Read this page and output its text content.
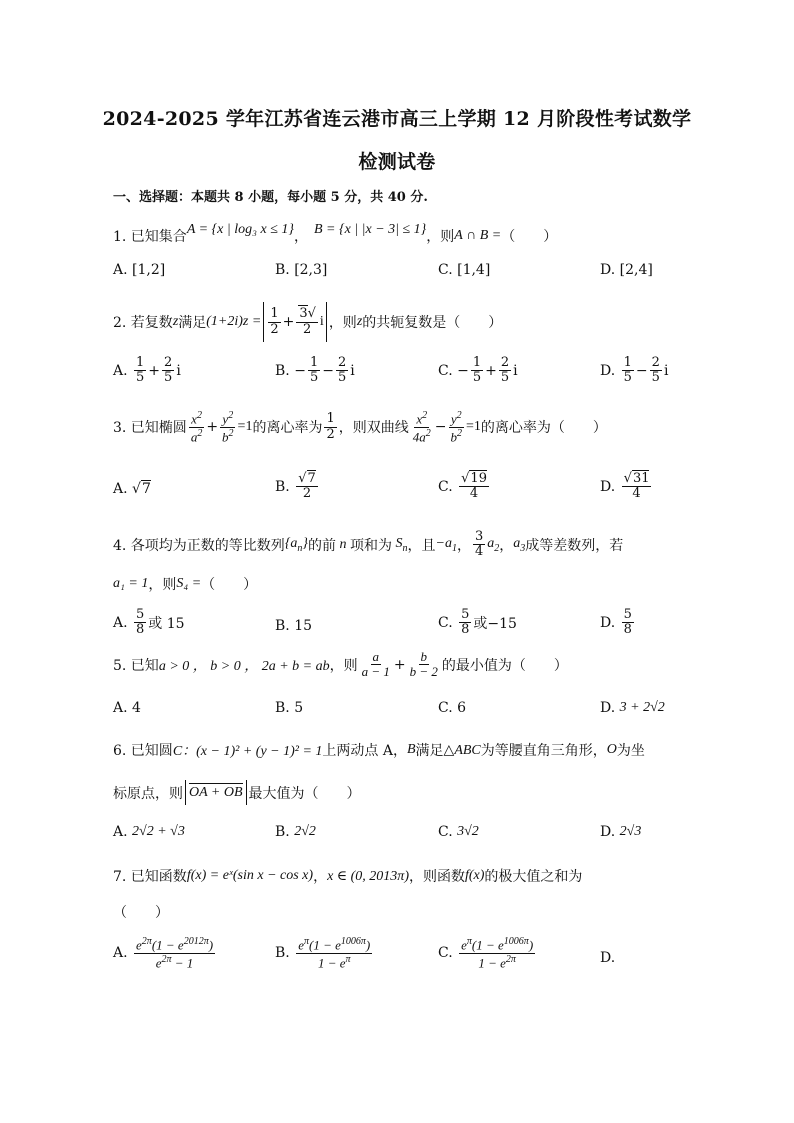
2024-2025 学年江苏省连云港市高三上学期 12 月阶段性考试数学
检测试卷
一、选择题：本题共 8 小题，每小题 5 分，共 40 分.
1. 已知集合 A = {x | log₃ x ≤ 1} ， B = {x | |x − 3| ≤ 1} ，则 A ∩ B = （　　）
A. [1,2]	B. [2,3]	C. [1,4]	D. [2,4]
2. 若复数 z 满足 $(1+2i)z = \frac{1}{2} + \frac{3√}{2}$ i ，则 z 的共轭复数是（　　）
A.
$\frac{1}{5} + \frac{2}{5}$ i	B.
− $\frac{1}{5} - \frac{2}{5}$ i	C.
− $\frac{1}{5} + \frac{2}{5}$ i	D.
$\frac{1}{5} - \frac{2}{5}$ i
3. 已知椭圆 $\frac{x^2}{a^2} + \frac{y^2}{b^2} =1$ 的离心率为 $\frac{1}{2}$ ，则双曲线 $\frac{x^2}{4a^2} - \frac{y^2}{b^2} =1$ 的离心率为（　　）
A. √ 7	B.
$\frac{√7}{2}$	C.
$\frac{√19}{4}$	D.
$\frac{√31}{4}$
4. 各项均为正数的等比数列 $\{a_n\}$ 的前 n 项和为 $S_n$ ，且 $-a_1$ ， $\frac{3}{4} a_2$ ， $a_3$ 成等差数列，若
a₁ = 1 ，则 S₄ = （　　）
A.
$\frac{5}{8}$ 或 15	B. 15	C.
$\frac{5}{8}$ 或−15	D.
$\frac{5}{8}$
5. 已知 a > 0 ， b > 0 ， 2a + b = ab ，则 $\frac{a}{a - 1} + \frac{b}{b - 2}$ 的最小值为（　　）
A. 4	B. 5	C. 6	D.
3 + 2√2
6. 已知圆 C：(x − 1)² + (y − 1)² = 1 上两动点 A， B 满足 △ABC 为等腰直角三角形， O 为坐
标原点，则 OA + OB 最大值为（　　）
A.
2√2 + √3	B.
2√2	C.
3√2	D.
2√3
7. 已知函数 f(x) = eˣ(sin x − cos x) ， x ∈ (0, 2013π) ，则函数 f(x) 的极大值之和为
（　　）
A.
$\frac{e^{2\pi}(1 - e^{2012\pi})}{e^{2\pi} - 1}$	B.
$\frac{e^\pi(1 - e^{1006\pi})}{1 - e^\pi}$	C.
$\frac{e^\pi(1 - e^{1006\pi})}{1 - e^{2\pi}}$	D.
